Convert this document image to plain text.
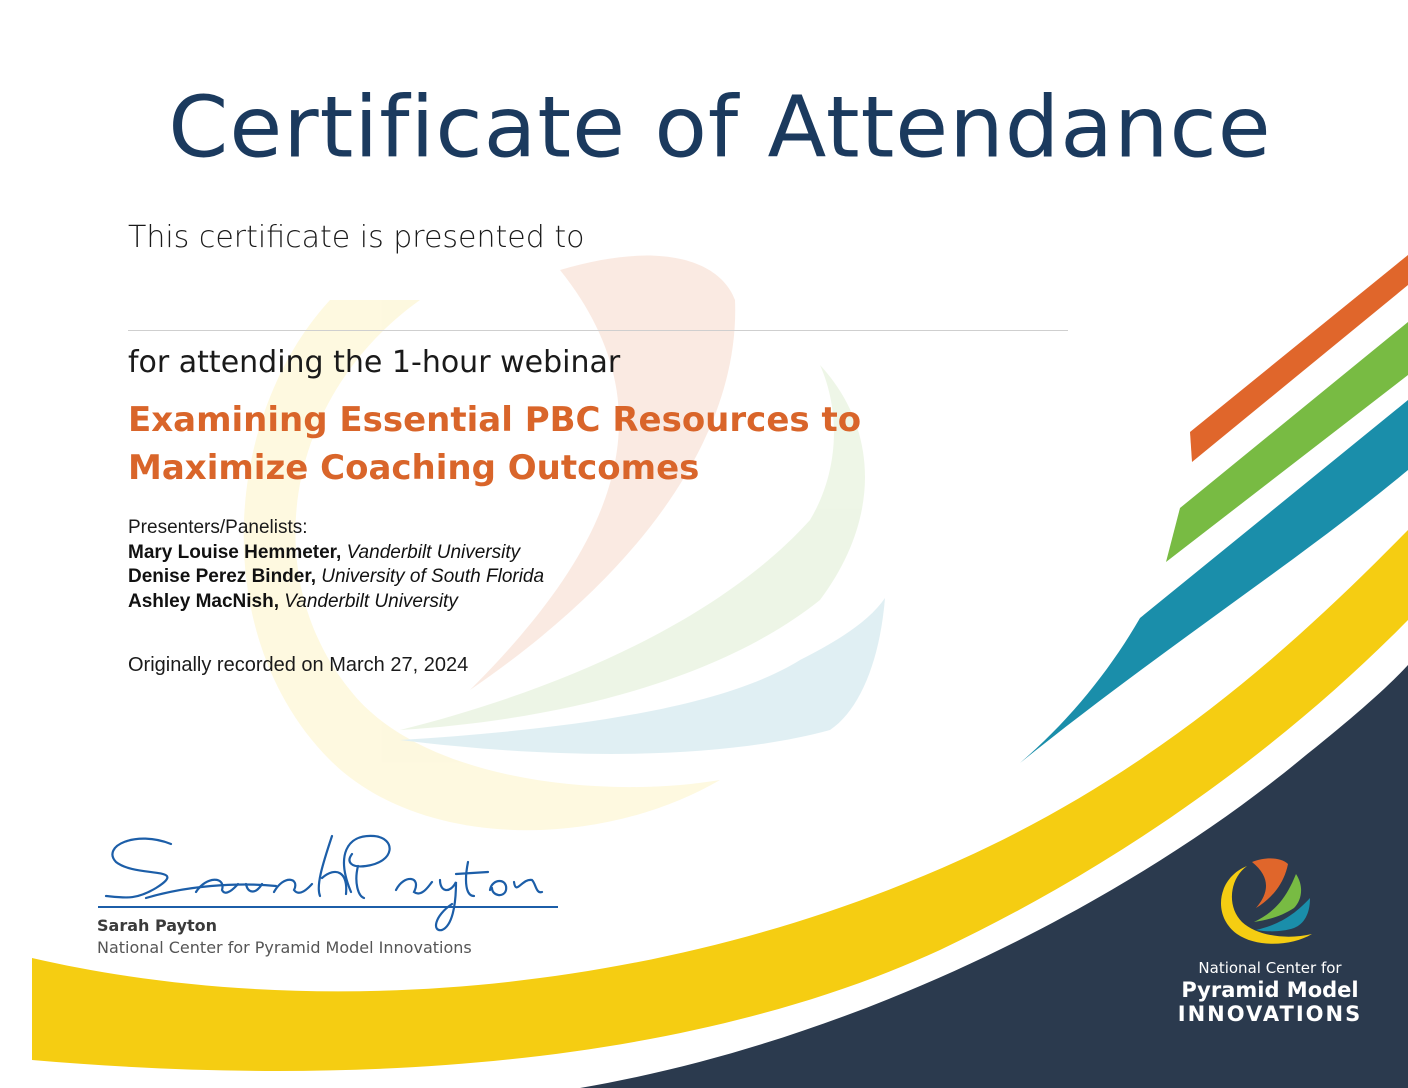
Certificate of Attendance
This certificate is presented to
for attending the 1-hour webinar
Examining Essential PBC Resources to
Maximize Coaching Outcomes
Presenters/Panelists:
Mary Louise Hemmeter, Vanderbilt University
Denise Perez Binder, University of South Florida
Ashley MacNish, Vanderbilt University
Originally recorded on March 27, 2024
Sarah Payton
National Center for Pyramid Model Innovations
National Center for
Pyramid Model
INNOVATIONS
